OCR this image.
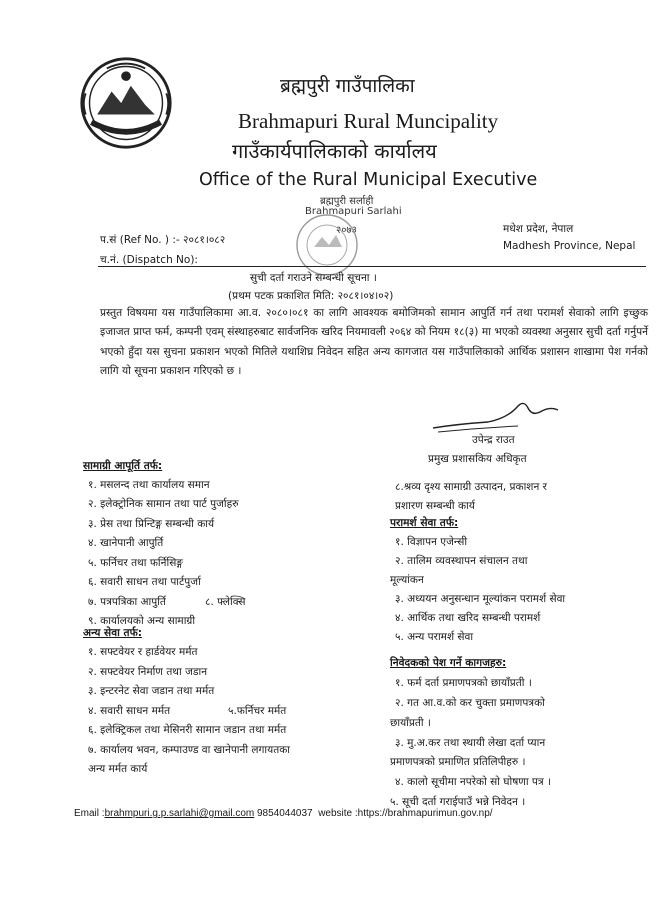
ब्रह्मपुरी गाउँपालिका
Brahmapuri Rural Muncipality
गाउँकार्यपालिकाको कार्यालय
Office of the Rural Municipal Executive
ब्रह्मपुरी सर्लाही
Brahmapuri Sarlahi
२०७३
प.सं (Ref No. ) :- २०८१।०८२
च.नं. (Dispatch No):
मधेश प्रदेश, नेपाल
Madhesh Province, Nepal
सुची दर्ता गराउने सम्बन्धी सूचना ।
(प्रथम पटक प्रकाशित मिति: २०८१।०४।०२)
प्रस्तुत विषयमा यस गाउँपालिकामा आ.व. २०८०।०८१ का लागि आवश्यक बमोजिमको सामान आपुर्ति गर्न तथा परामर्श सेवाको लागि इच्छुक इजाजत प्राप्त फर्म, कम्पनी एवम् संस्थाहरुबाट सार्वजनिक खरिद नियमावली २०६४ को नियम १८(३) मा भएको व्यवस्था अनुसार सुची दर्ता गर्नुपर्ने भएको हुँदा यस सुचना प्रकाशन भएको मितिले यथाशिघ्र निवेदन सहित अन्य कागजात यस गाउँपालिकाको आर्थिक प्रशासन शाखामा पेश गर्नको लागि यो सूचना प्रकाशन गरिएको छ ।
उपेन्द्र राउत
प्रमुख प्रशासकिय अधिकृत
सामाग्री आपूर्ति तर्फ:
१. मसलन्द तथा कार्यालय समान
२. इलेक्ट्रोनिक सामान तथा पार्ट पुर्जाहरु
३. प्रेस तथा प्रिन्टिङ्ग सम्बन्धी कार्य
४. खानेपानी आपुर्ति
५. फर्निचर तथा फर्निसिङ्ग
६. सवारी साधन तथा पार्टपुर्जा
७. पत्रपत्रिका आपुर्ति	८. फ्लेक्सि
९. कार्यालयको अन्य सामाग्री
अन्य सेवा तर्फ:
१. सफ्टवेयर र हार्डवेयर मर्मत
२. सफ्टवेयर निर्माण तथा जडान
३. इन्टरनेट सेवा जडान तथा मर्मत
४. सवारी साधन मर्मत	५.फर्निचर मर्मत
६. इलेक्ट्रिकल तथा मेसिनरी सामान जडान तथा मर्मत
७. कार्यालय भवन, कम्पाउण्ड वा खानेपानी लगायतका
अन्य मर्मत कार्य
८.श्रव्य दृश्य सामाग्री उत्पादन, प्रकाशन र
प्रशारण सम्बन्धी कार्य
परामर्श सेवा तर्फ:
१. विज्ञापन एजेन्सी
२. तालिम व्यवस्थापन संचालन तथा
मूल्यांकन
३. अध्ययन अनुसन्धान मूल्यांकन परामर्श सेवा
४. आर्थिक तथा खरिद सम्बन्धी परामर्श
५. अन्य परामर्श सेवा
निवेदकको पेश गर्ने कागजहरु:
१. फर्म दर्ता प्रमाणपत्रको छायाँप्रती ।
२. गत आ.व.को कर चुक्ता प्रमाणपत्रको
छायाँप्रती ।
३. मु.अ.कर तथा स्थायी लेखा दर्ता प्यान
प्रमाणपत्रको प्रमाणित प्रतिलिपीहरु ।
४. कालो सूचीमा नपरेको सो घोषणा पत्र ।
५. सूची दर्ता गराईपाउँ भन्ने निवेदन ।
Email :brahmpuri.g.p.sarlahi@gmail.com 9854044037 website :https://brahmapurimun.gov.np/
